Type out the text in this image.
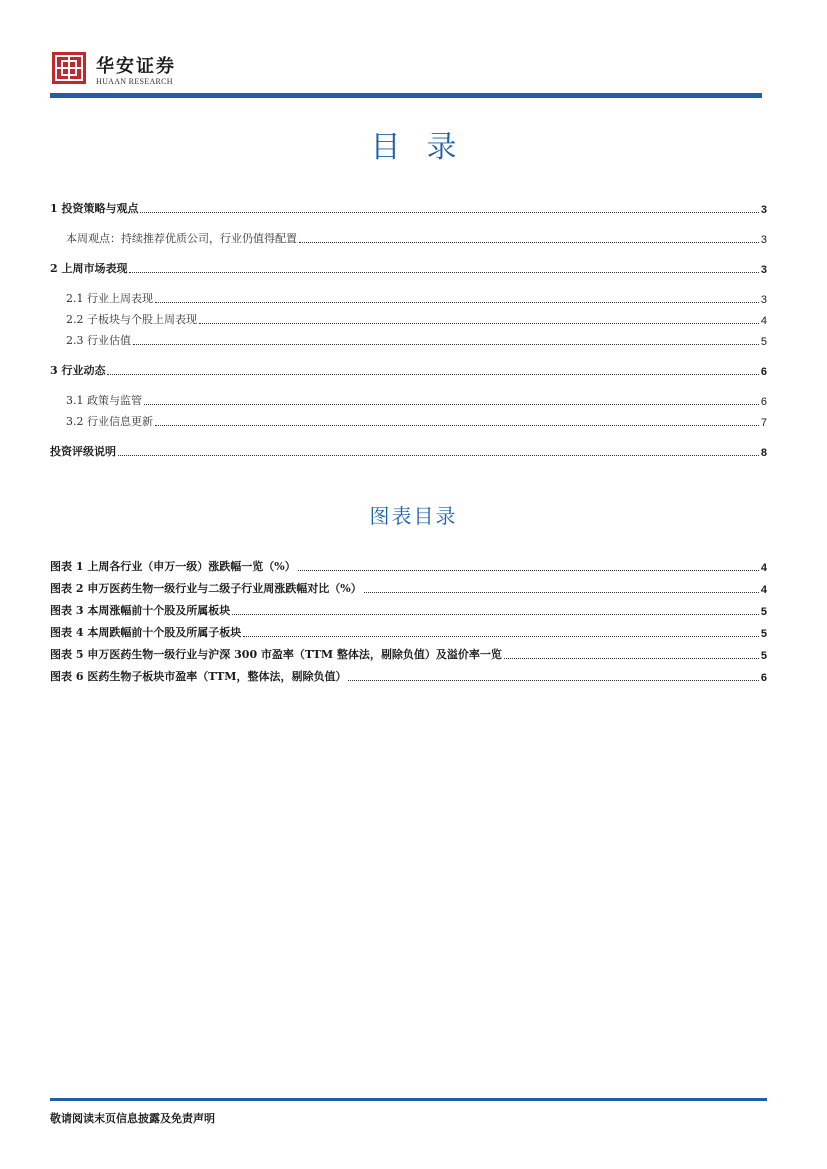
华安证券
HUAAN RESEARCH
目录
1 投资策略与观点	3
本周观点：持续推荐优质公司，行业仍值得配置	3
2 上周市场表现	3
2.1 行业上周表现	3
2.2 子板块与个股上周表现	4
2.3 行业估值	5
3 行业动态	6
3.1 政策与监管	6
3.2 行业信息更新	7
投资评级说明	8
图表目录
图表 1 上周各行业（申万一级）涨跌幅一览（%）	4
图表 2 申万医药生物一级行业与二级子行业周涨跌幅对比（%）	4
图表 3 本周涨幅前十个股及所属板块	5
图表 4 本周跌幅前十个股及所属子板块	5
图表 5 申万医药生物一级行业与沪深 300 市盈率（TTM 整体法，剔除负值）及溢价率一览	5
图表 6 医药生物子板块市盈率（TTM，整体法，剔除负值）	6
敬请阅读末页信息披露及免责声明
